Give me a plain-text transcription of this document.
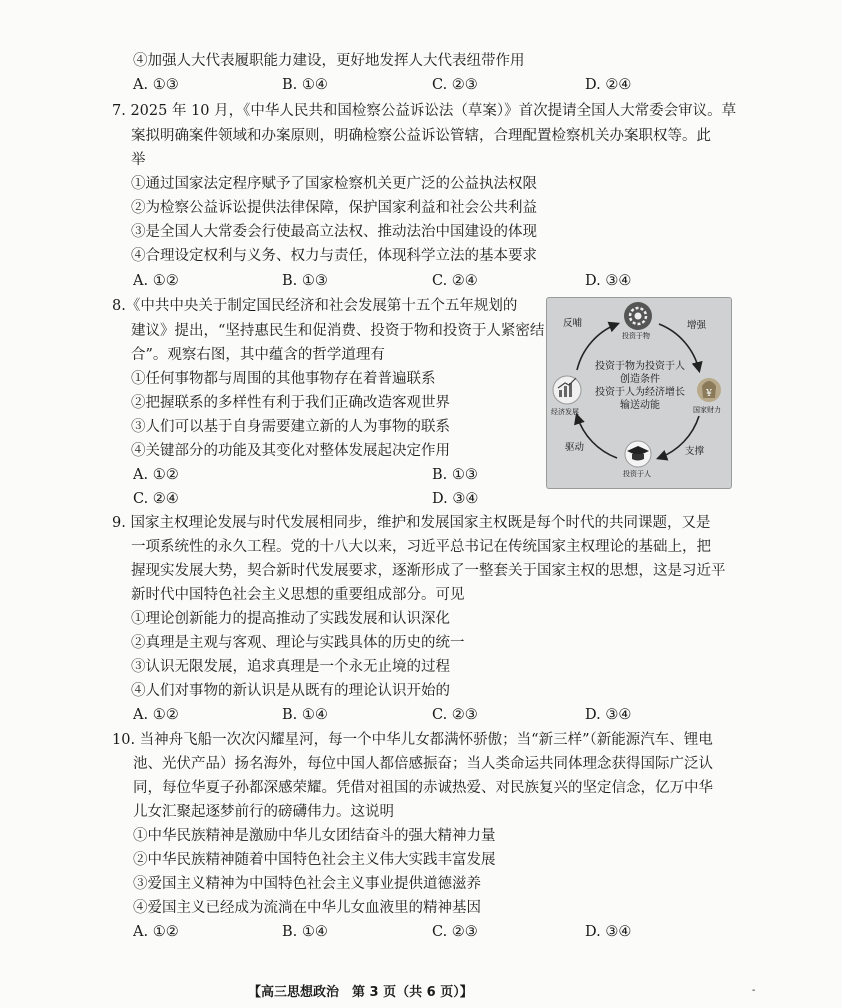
④加强人大代表履职能力建设，更好地发挥人大代表纽带作用
A. ①③	B. ①④	C. ②③	D. ②④
7. 2025 年 10 月，《中华人民共和国检察公益诉讼法（草案）》首次提请全国人大常委会审议。草
案拟明确案件领域和办案原则，明确检察公益诉讼管辖，合理配置检察机关办案职权等。此
举
①通过国家法定程序赋予了国家检察机关更广泛的公益执法权限
②为检察公益诉讼提供法律保障，保护国家利益和社会公共利益
③是全国人大常委会行使最高立法权、推动法治中国建设的体现
④合理设定权利与义务、权力与责任，体现科学立法的基本要求
A. ①②	B. ①③	C. ②④	D. ③④
8.《中共中央关于制定国民经济和社会发展第十五个五年规划的
建议》提出，“坚持惠民生和促消费、投资于物和投资于人紧密结
合”。观察右图，其中蕴含的哲学道理有
①任何事物都与周围的其他事物存在着普遍联系
②把握联系的多样性有利于我们正确改造客观世界
③人们可以基于自身需要建立新的人为事物的联系
④关键部分的功能及其变化对整体发展起决定作用
A. ①②	B. ①③
C. ②④	D. ③④
¥
投资于物
国家财力
投资于人
经济发展
反哺	增强
支撑
驱动
投资于物为投资于人
创造条件
投资于人为经济增长
输送动能
9. 国家主权理论发展与时代发展相同步，维护和发展国家主权既是每个时代的共同课题，又是
一项系统性的永久工程。党的十八大以来，习近平总书记在传统国家主权理论的基础上，把
握现实发展大势，契合新时代发展要求，逐渐形成了一整套关于国家主权的思想，这是习近平
新时代中国特色社会主义思想的重要组成部分。可见
①理论创新能力的提高推动了实践发展和认识深化
②真理是主观与客观、理论与实践具体的历史的统一
③认识无限发展，追求真理是一个永无止境的过程
④人们对事物的新认识是从既有的理论认识开始的
A. ①②	B. ①④	C. ②③	D. ③④
10. 当神舟飞船一次次闪耀星河，每一个中华儿女都满怀骄傲；当“新三样”（新能源汽车、锂电
池、光伏产品）扬名海外，每位中国人都倍感振奋；当人类命运共同体理念获得国际广泛认
同，每位华夏子孙都深感荣耀。凭借对祖国的赤诚热爱、对民族复兴的坚定信念，亿万中华
儿女汇聚起逐梦前行的磅礴伟力。这说明
①中华民族精神是激励中华儿女团结奋斗的强大精神力量
②中华民族精神随着中国特色社会主义伟大实践丰富发展
③爱国主义精神为中国特色社会主义事业提供道德滋养
④爱国主义已经成为流淌在中华儿女血液里的精神基因
A. ①②	B. ①④	C. ②③	D. ③④
【高三思想政治　第 3 页（共 6 页）】	-
